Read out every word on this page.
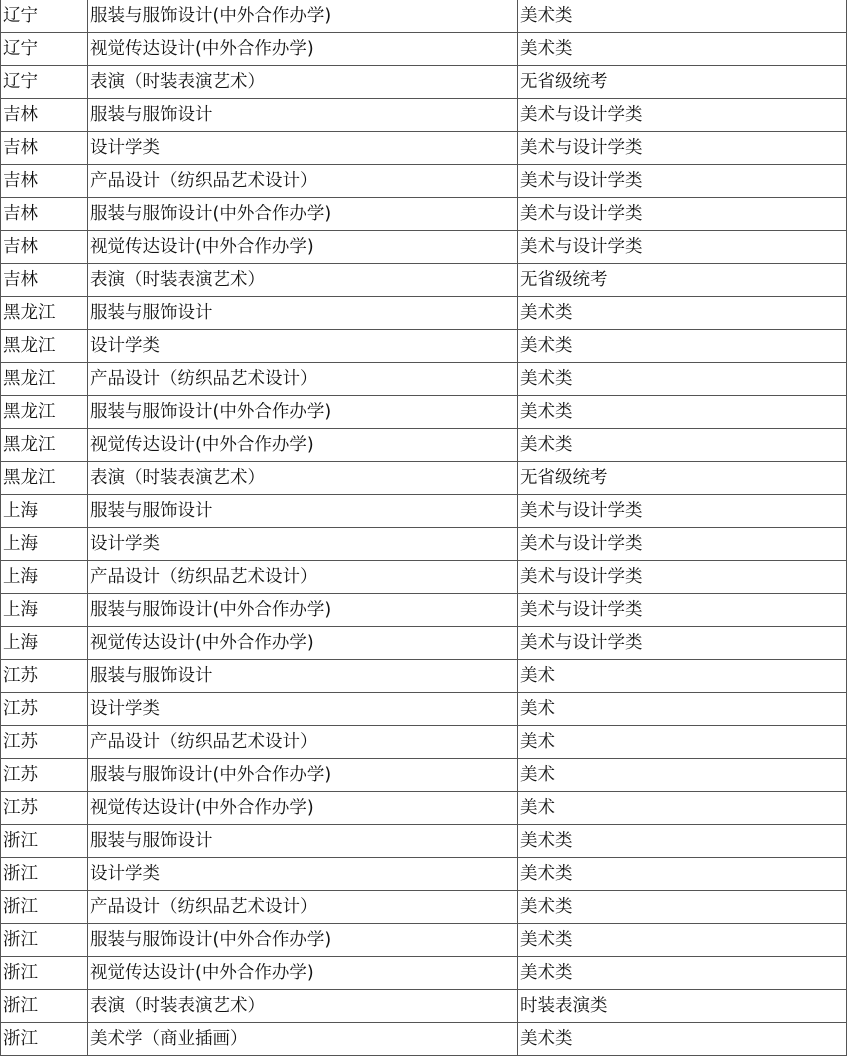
辽宁	服装与服饰设计(中外合作办学)	美术类
辽宁	视觉传达设计(中外合作办学)	美术类
辽宁	表演（时装表演艺术）	无省级统考
吉林	服装与服饰设计	美术与设计学类
吉林	设计学类	美术与设计学类
吉林	产品设计（纺织品艺术设计）	美术与设计学类
吉林	服装与服饰设计(中外合作办学)	美术与设计学类
吉林	视觉传达设计(中外合作办学)	美术与设计学类
吉林	表演（时装表演艺术）	无省级统考
黑龙江	服装与服饰设计	美术类
黑龙江	设计学类	美术类
黑龙江	产品设计（纺织品艺术设计）	美术类
黑龙江	服装与服饰设计(中外合作办学)	美术类
黑龙江	视觉传达设计(中外合作办学)	美术类
黑龙江	表演（时装表演艺术）	无省级统考
上海	服装与服饰设计	美术与设计学类
上海	设计学类	美术与设计学类
上海	产品设计（纺织品艺术设计）	美术与设计学类
上海	服装与服饰设计(中外合作办学)	美术与设计学类
上海	视觉传达设计(中外合作办学)	美术与设计学类
江苏	服装与服饰设计	美术
江苏	设计学类	美术
江苏	产品设计（纺织品艺术设计）	美术
江苏	服装与服饰设计(中外合作办学)	美术
江苏	视觉传达设计(中外合作办学)	美术
浙江	服装与服饰设计	美术类
浙江	设计学类	美术类
浙江	产品设计（纺织品艺术设计）	美术类
浙江	服装与服饰设计(中外合作办学)	美术类
浙江	视觉传达设计(中外合作办学)	美术类
浙江	表演（时装表演艺术）	时装表演类
浙江	美术学（商业插画）	美术类
